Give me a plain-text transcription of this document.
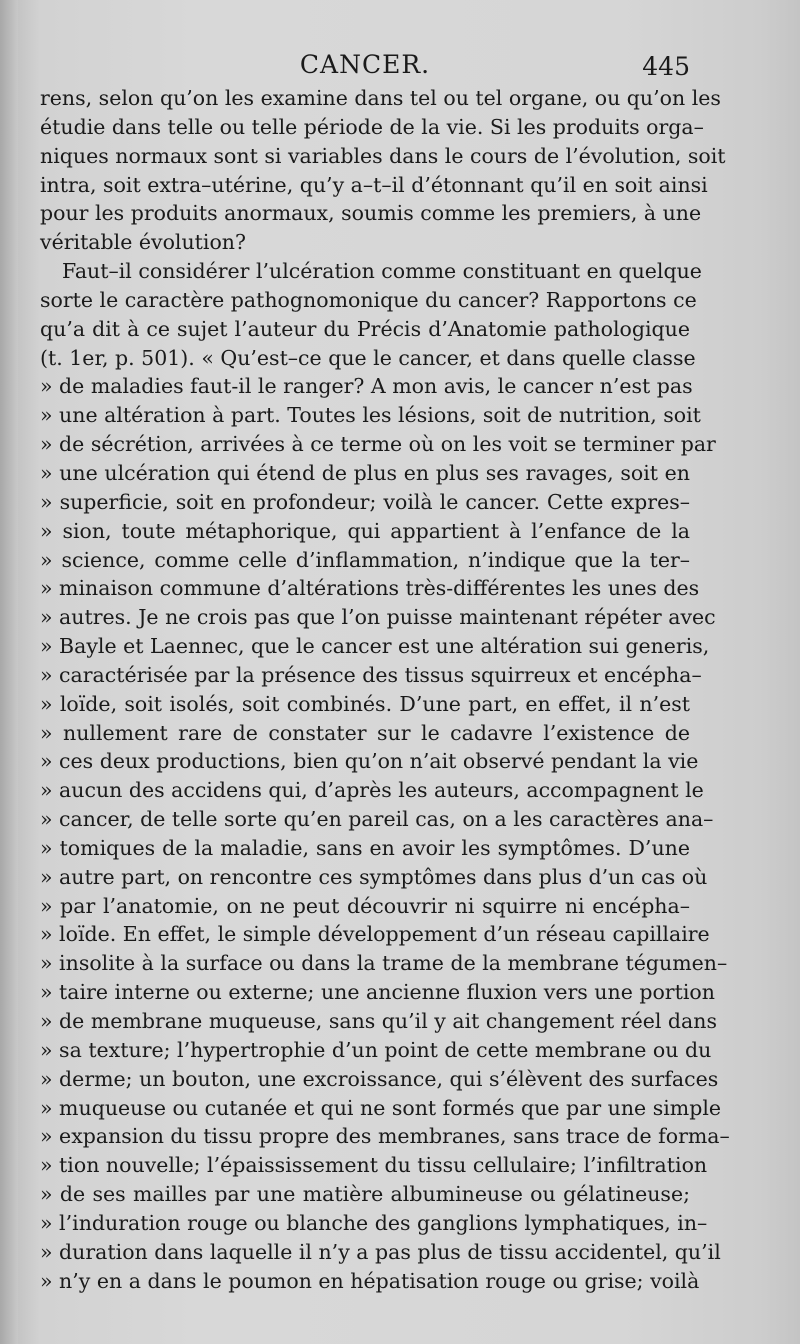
CANCER.	445
rens, selon qu’on les examine dans tel ou tel organe, ou qu’on les
étudie dans telle ou telle période de la vie. Si les produits orga–
niques normaux sont si variables dans le cours de l’évolution, soit
intra, soit extra–utérine, qu’y a–t–il d’étonnant qu’il en soit ainsi
pour les produits anormaux, soumis comme les premiers, à une
véritable évolution?
Faut–il considérer l’ulcération comme constituant en quelque
sorte le caractère pathognomonique du cancer? Rapportons ce
qu’a dit à ce sujet l’auteur du Précis d’Anatomie pathologique
(t. 1er, p. 501). « Qu’est–ce que le cancer, et dans quelle classe
» de maladies faut-il le ranger? A mon avis, le cancer n’est pas
» une altération à part. Toutes les lésions, soit de nutrition, soit
» de sécrétion, arrivées à ce terme où on les voit se terminer par
» une ulcération qui étend de plus en plus ses ravages, soit en
» superficie, soit en profondeur; voilà le cancer. Cette expres–
» sion, toute métaphorique, qui appartient à l’enfance de la
» science, comme celle d’inflammation, n’indique que la ter–
» minaison commune d’altérations très-différentes les unes des
» autres. Je ne crois pas que l’on puisse maintenant répéter avec
» Bayle et Laennec, que le cancer est une altération sui generis,
» caractérisée par la présence des tissus squirreux et encépha–
» loïde, soit isolés, soit combinés. D’une part, en effet, il n’est
» nullement rare de constater sur le cadavre l’existence de
» ces deux productions, bien qu’on n’ait observé pendant la vie
» aucun des accidens qui, d’après les auteurs, accompagnent le
» cancer, de telle sorte qu’en pareil cas, on a les caractères ana–
» tomiques de la maladie, sans en avoir les symptômes. D’une
» autre part, on rencontre ces symptômes dans plus d’un cas où
» par l’anatomie, on ne peut découvrir ni squirre ni encépha–
» loïde. En effet, le simple développement d’un réseau capillaire
» insolite à la surface ou dans la trame de la membrane tégumen–
» taire interne ou externe; une ancienne fluxion vers une portion
» de membrane muqueuse, sans qu’il y ait changement réel dans
» sa texture; l’hypertrophie d’un point de cette membrane ou du
» derme; un bouton, une excroissance, qui s’élèvent des surfaces
» muqueuse ou cutanée et qui ne sont formés que par une simple
» expansion du tissu propre des membranes, sans trace de forma–
» tion nouvelle; l’épaississement du tissu cellulaire; l’infiltration
» de ses mailles par une matière albumineuse ou gélatineuse;
» l’induration rouge ou blanche des ganglions lymphatiques, in–
» duration dans laquelle il n’y a pas plus de tissu accidentel, qu’il
» n’y en a dans le poumon en hépatisation rouge ou grise; voilà
